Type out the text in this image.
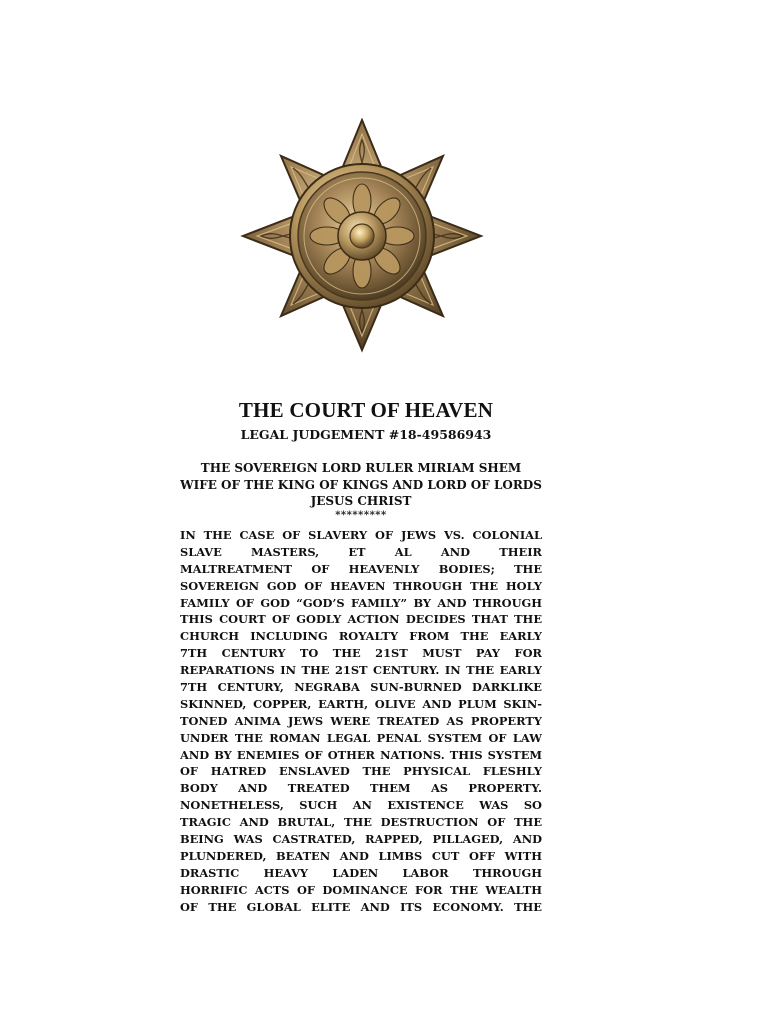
THE COURT OF HEAVEN
LEGAL JUDGEMENT #18-49586943
THE SOVEREIGN LORD RULER MIRIAM SHEM
WIFE OF THE KING OF KINGS AND LORD OF LORDS
JESUS CHRIST
*********
IN THE CASE OF SLAVERY OF JEWS VS. COLONIAL
SLAVE MASTERS, ET AL AND THEIR
MALTREATMENT OF HEAVENLY BODIES; THE
SOVEREIGN GOD OF HEAVEN THROUGH THE HOLY
FAMILY OF GOD “GOD’S FAMILY” BY AND THROUGH
THIS COURT OF GODLY ACTION DECIDES THAT THE
CHURCH INCLUDING ROYALTY FROM THE EARLY
7TH CENTURY TO THE 21ST MUST PAY FOR
REPARATIONS IN THE 21ST CENTURY. IN THE EARLY
7TH CENTURY, NEGRABA SUN-BURNED DARKLIKE
SKINNED, COPPER, EARTH, OLIVE AND PLUM SKIN-
TONED ANIMA JEWS WERE TREATED AS PROPERTY
UNDER THE ROMAN LEGAL PENAL SYSTEM OF LAW
AND BY ENEMIES OF OTHER NATIONS. THIS SYSTEM
OF HATRED ENSLAVED THE PHYSICAL FLESHLY
BODY AND TREATED THEM AS PROPERTY.
NONETHELESS, SUCH AN EXISTENCE WAS SO
TRAGIC AND BRUTAL, THE DESTRUCTION OF THE
BEING WAS CASTRATED, RAPPED, PILLAGED, AND
PLUNDERED, BEATEN AND LIMBS CUT OFF WITH
DRASTIC HEAVY LADEN LABOR THROUGH
HORRIFIC ACTS OF DOMINANCE FOR THE WEALTH
OF THE GLOBAL ELITE AND ITS ECONOMY. THE
